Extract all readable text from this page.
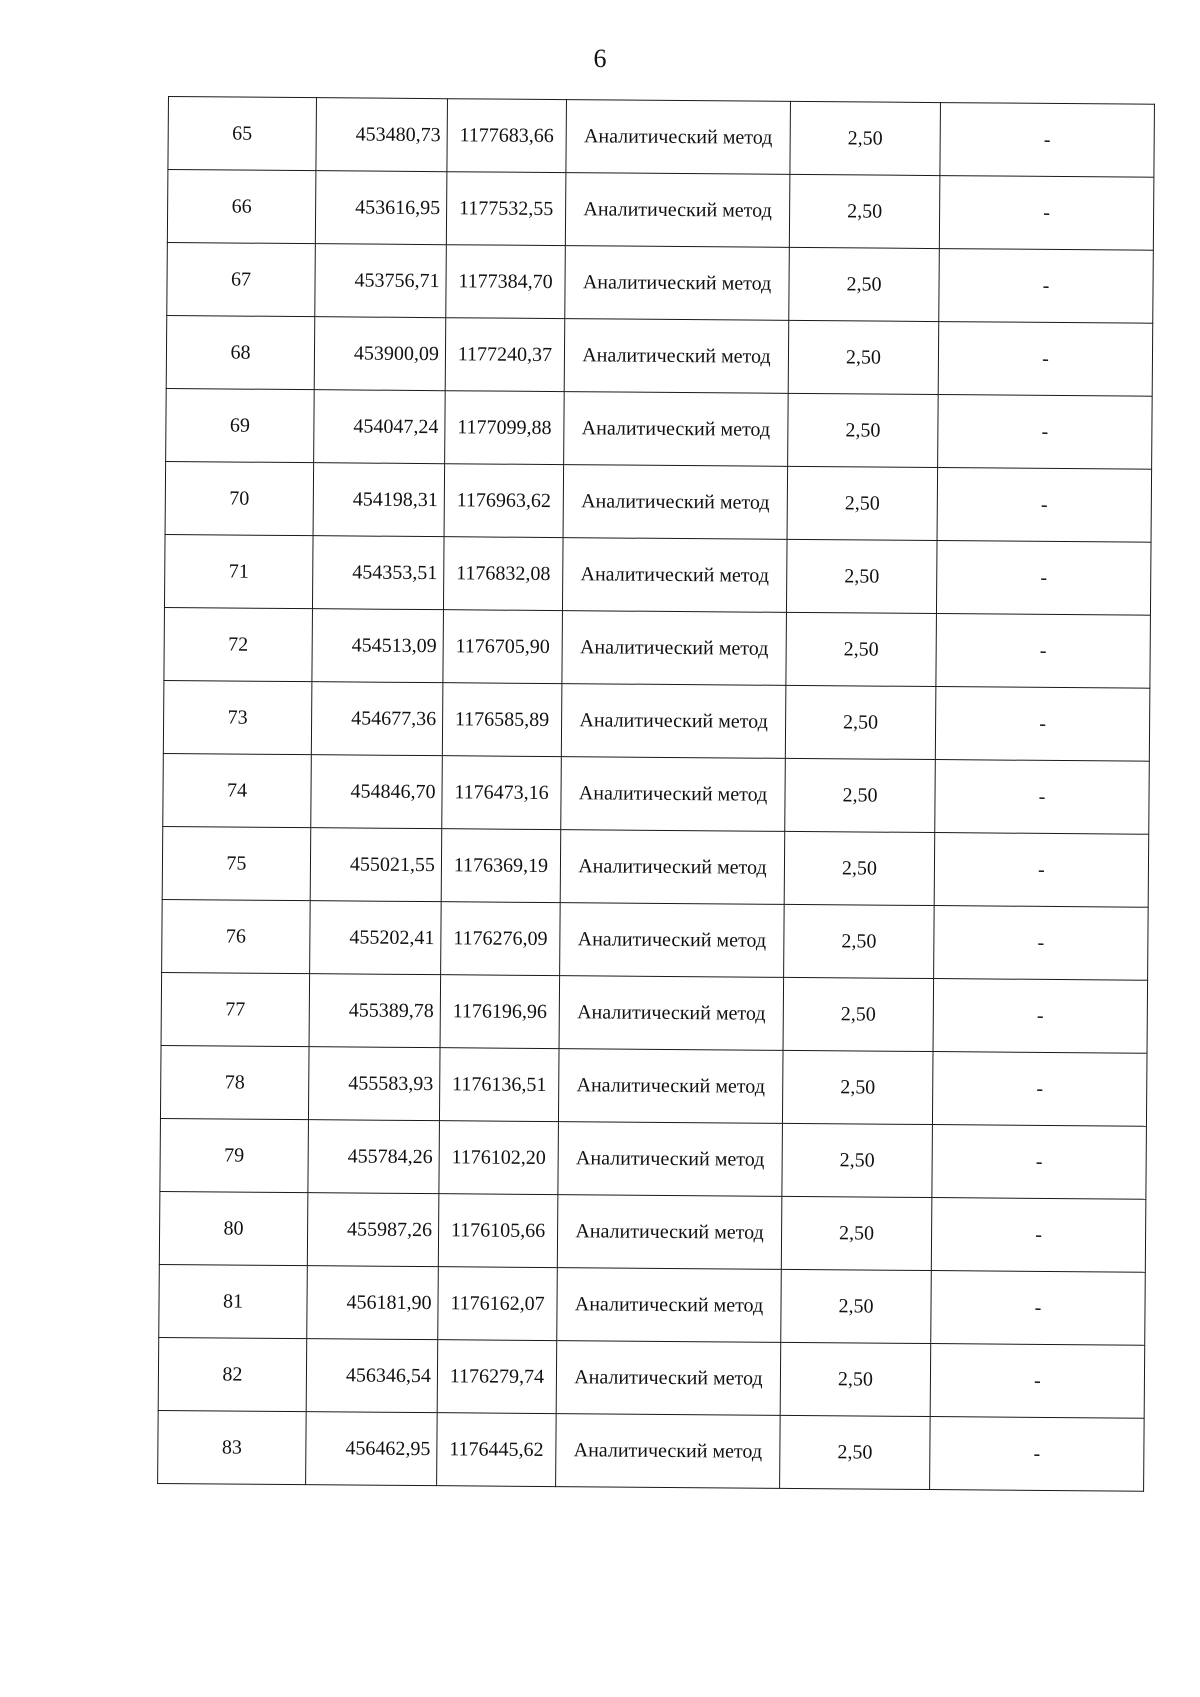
6
65	453480,73	1177683,66	Аналитический метод	2,50	-
66	453616,95	1177532,55	Аналитический метод	2,50	-
67	453756,71	1177384,70	Аналитический метод	2,50	-
68	453900,09	1177240,37	Аналитический метод	2,50	-
69	454047,24	1177099,88	Аналитический метод	2,50	-
70	454198,31	1176963,62	Аналитический метод	2,50	-
71	454353,51	1176832,08	Аналитический метод	2,50	-
72	454513,09	1176705,90	Аналитический метод	2,50	-
73	454677,36	1176585,89	Аналитический метод	2,50	-
74	454846,70	1176473,16	Аналитический метод	2,50	-
75	455021,55	1176369,19	Аналитический метод	2,50	-
76	455202,41	1176276,09	Аналитический метод	2,50	-
77	455389,78	1176196,96	Аналитический метод	2,50	-
78	455583,93	1176136,51	Аналитический метод	2,50	-
79	455784,26	1176102,20	Аналитический метод	2,50	-
80	455987,26	1176105,66	Аналитический метод	2,50	-
81	456181,90	1176162,07	Аналитический метод	2,50	-
82	456346,54	1176279,74	Аналитический метод	2,50	-
83	456462,95	1176445,62	Аналитический метод	2,50	-
